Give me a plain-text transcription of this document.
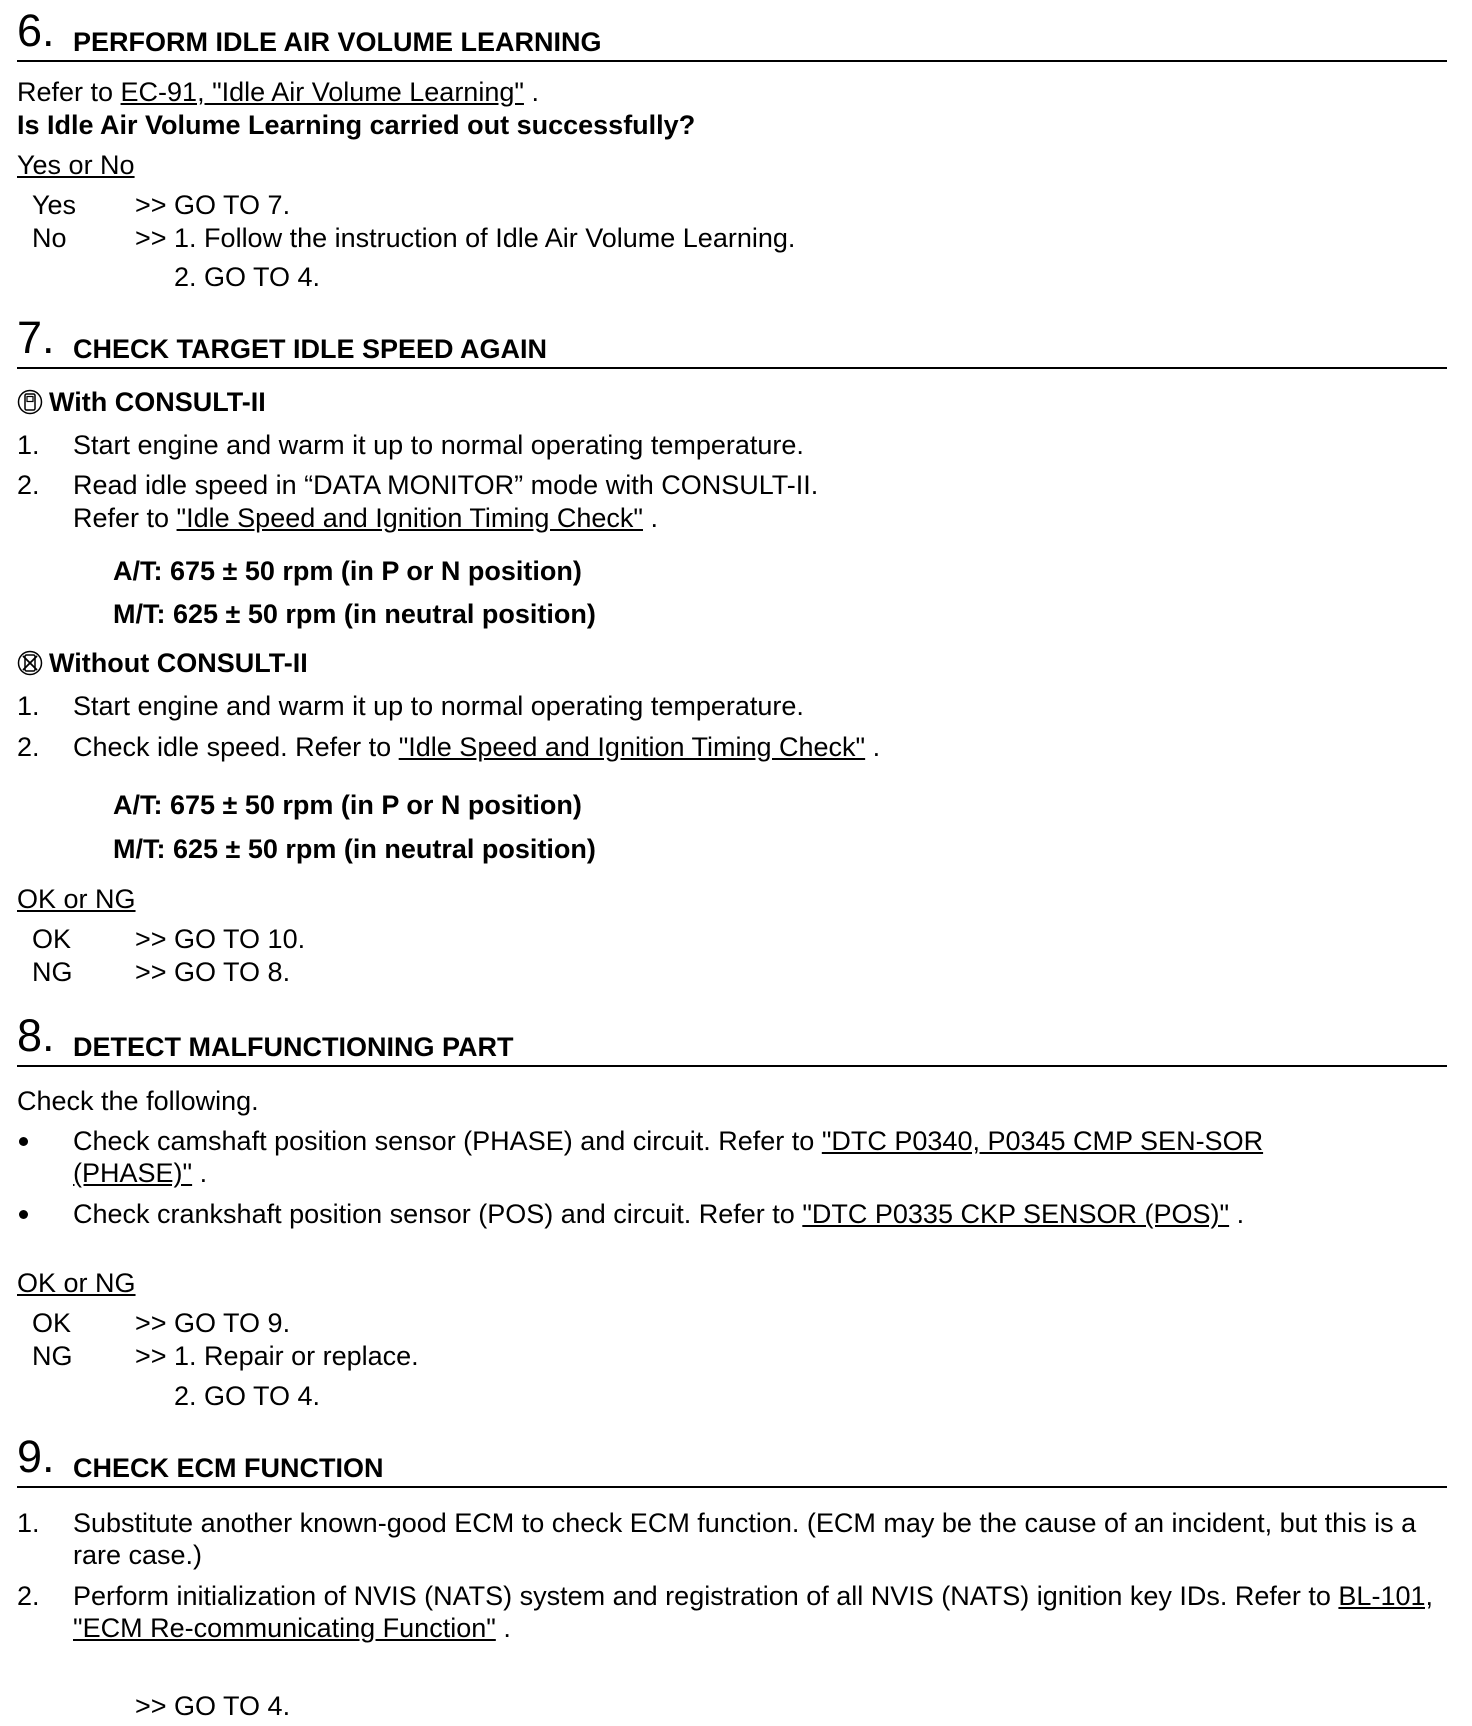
6. PERFORM IDLE AIR VOLUME LEARNING
Refer to EC-91, "Idle Air Volume Learning" .
Is Idle Air Volume Learning carried out successfully?
Yes or No
Yes >> GO TO 7.
No	>> 1. Follow the instruction of Idle Air Volume Learning.
2. GO TO 4.
7. CHECK TARGET IDLE SPEED AGAIN
With CONSULT-II
1. Start engine and warm it up to normal operating temperature.
2. Read idle speed in “DATA MONITOR” mode with CONSULT-II.
Refer to "Idle Speed and Ignition Timing Check" .
A/T: 675 ± 50 rpm (in P or N position)
M/T: 625 ± 50 rpm (in neutral position)
Without CONSULT-II
1. Start engine and warm it up to normal operating temperature.
2. Check idle speed. Refer to "Idle Speed and Ignition Timing Check" .
A/T: 675 ± 50 rpm (in P or N position)
M/T: 625 ± 50 rpm (in neutral position)
OK or NG
OK >> GO TO 10.
NG >> GO TO 8.
8. DETECT MALFUNCTIONING PART
Check the following.
Check camshaft position sensor (PHASE) and circuit. Refer to "DTC P0340, P0345 CMP SEN-SOR (PHASE)" .
Check crankshaft position sensor (POS) and circuit. Refer to "DTC P0335 CKP SENSOR (POS)" .
OK or NG
OK >> GO TO 9.
NG >> 1. Repair or replace.
2. GO TO 4.
9. CHECK ECM FUNCTION
1. Substitute another known-good ECM to check ECM function. (ECM may be the cause of an incident, but this is a rare case.)
2. Perform initialization of NVIS (NATS) system and registration of all NVIS (NATS) ignition key IDs. Refer to BL-101, "ECM Re-communicating Function" .
>> GO TO 4.
